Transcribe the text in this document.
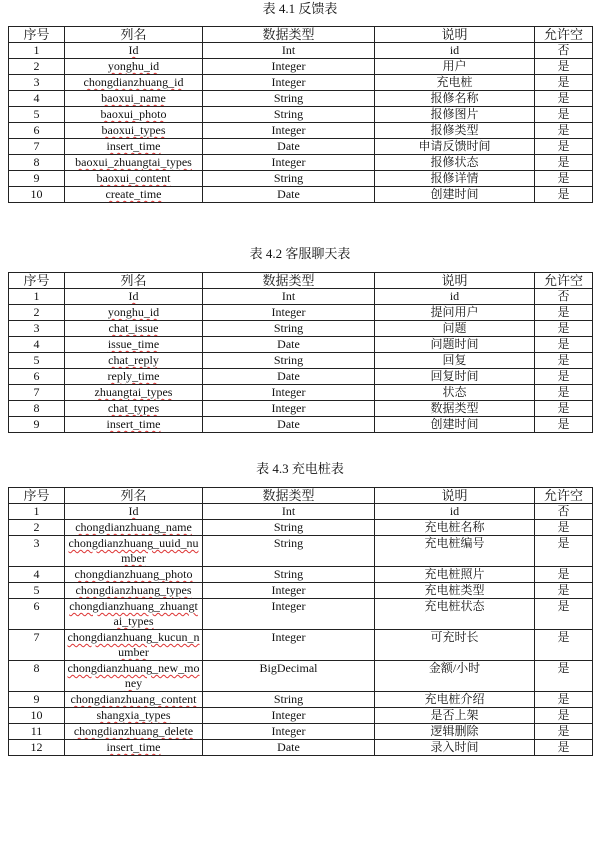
表 4.1 反馈表
序号	列名	数据类型	说明	允许空
1	Id	Int	id	否
2	yonghu_id	Integer	用户	是
3	chongdianzhuang_id	Integer	充电桩	是
4	baoxui_name	String	报修名称	是
5	baoxui_photo	String	报修图片	是
6	baoxui_types	Integer	报修类型	是
7	insert_time	Date	申请反馈时间	是
8	baoxui_zhuangtai_types	Integer	报修状态	是
9	baoxui_content	String	报修详情	是
10	create_time	Date	创建时间	是
表 4.2 客服聊天表
序号	列名	数据类型	说明	允许空
1	Id	Int	id	否
2	yonghu_id	Integer	提问用户	是
3	chat_issue	String	问题	是
4	issue_time	Date	问题时间	是
5	chat_reply	String	回复	是
6	reply_time	Date	回复时间	是
7	zhuangtai_types	Integer	状态	是
8	chat_types	Integer	数据类型	是
9	insert_time	Date	创建时间	是
表 4.3 充电桩表
序号	列名	数据类型	说明	允许空
1	Id	Int	id	否
2	chongdianzhuang_name	String	充电桩名称	是
3	chongdianzhuang_uuid_number	String	充电桩编号	是
4	chongdianzhuang_photo	String	充电桩照片	是
5	chongdianzhuang_types	Integer	充电桩类型	是
6	chongdianzhuang_zhuangtai_types	Integer	充电桩状态	是
7	chongdianzhuang_kucun_number	Integer	可充时长	是
8	chongdianzhuang_new_money	BigDecimal	金额/小时	是
9	chongdianzhuang_content	String	充电桩介绍	是
10	shangxia_types	Integer	是否上架	是
11	chongdianzhuang_delete	Integer	逻辑删除	是
12	insert_time	Date	录入时间	是
